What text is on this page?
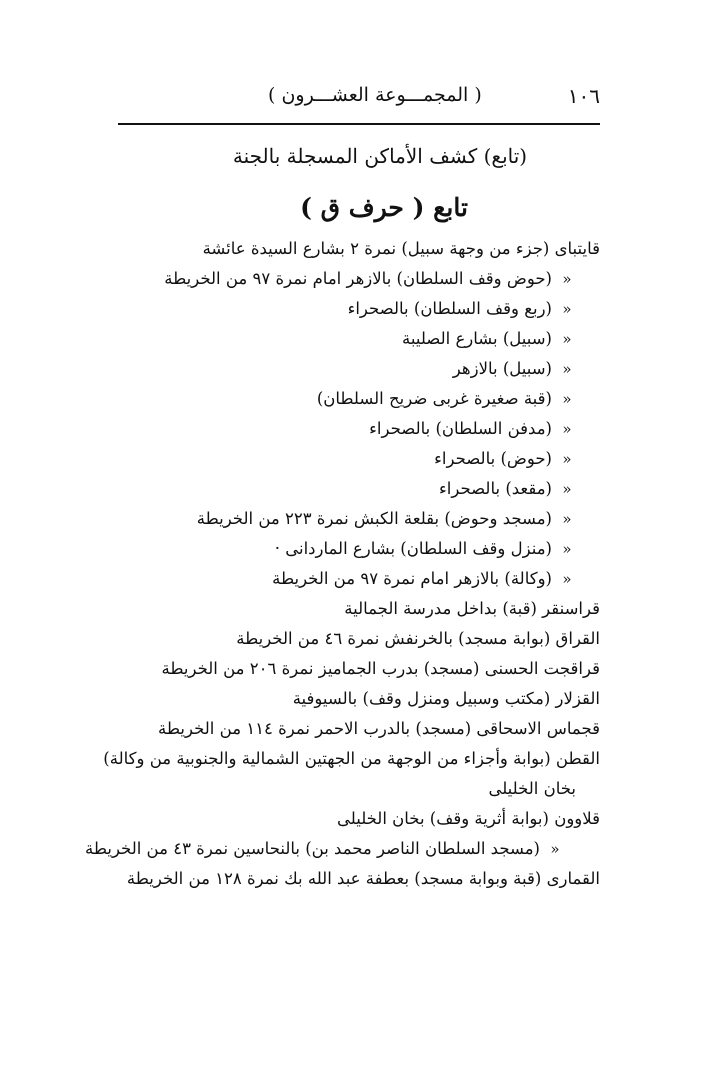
( المجمـــوعة العشـــرون )	١٠٦
(تابع) كشف الأماكن المسجلة بالجنة
تابع ( حرف ق )
قايتباى (جزء من وجهة سبيل) نمرة ٢ بشارع السيدة عائشة
«(حوض وقف السلطان) بالازهر امام نمرة ٩٧ من الخريطة
«(ربع وقف السلطان) بالصحراء
«(سبيل) بشارع الصليبة
«(سبيل) بالازهر
«(قبة صغيرة غربى ضريح السلطان)
«(مدفن السلطان) بالصحراء
«(حوض) بالصحراء
«(مقعد) بالصحراء
«(مسجد وحوض) بقلعة الكبش نمرة ٢٢٣ من الخريطة
«(منزل وقف السلطان) بشارع الماردانى ·
«(وكالة) بالازهر امام نمرة ٩٧ من الخريطة
قراسنقر (قبة) بداخل مدرسة الجمالية
القراق (بوابة مسجد) بالخرنفش نمرة ٤٦ من الخريطة
قراقجت الحسنى (مسجد) بدرب الجماميز نمرة ٢٠٦ من الخريطة
القزلار (مكتب وسبيل ومنزل وقف) بالسيوفية
قجماس الاسحاقى (مسجد) بالدرب الاحمر نمرة ١١٤ من الخريطة
القطن (بوابة وأجزاء من الوجهة من الجهتين الشمالية والجنوبية من وكالة)
بخان الخليلى
قلاوون (بوابة أثرية وقف) بخان الخليلى
«(مسجد السلطان الناصر محمد بن) بالنحاسين نمرة ٤٣ من الخريطة
القمارى (قبة وبوابة مسجد) بعطفة عبد الله بك نمرة ١٢٨ من الخريطة
